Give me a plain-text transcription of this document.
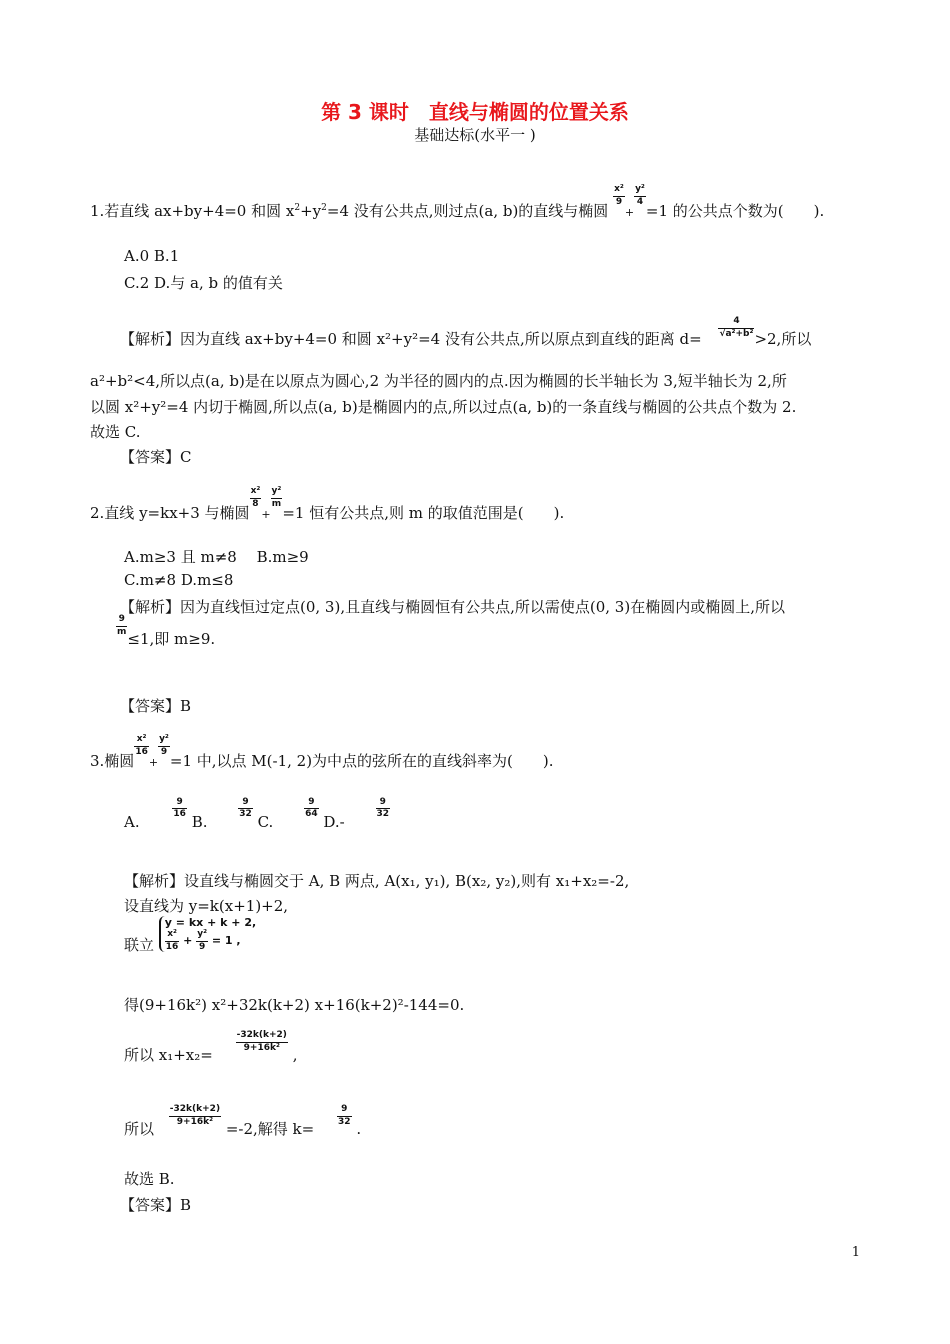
第 3 课时　直线与椭圆的位置关系
基础达标(水平一 )
1.若直线 ax+by+4=0 和圆 $x^2+y^2=4$ 没有公共点,则过点(a, b)的直线与椭圆
$\frac{\text{x²}}{9}$
+
$\frac{\text{y²}}{4}$
=1 的公共点个数为(　　).
A.0 B.1
C.2 D.与 a, b 的值有关
【解析】因为直线 ax+by+4=0 和圆 x²+y²=4 没有公共点,所以原点到直线的距离 d=
$\frac{4}{\text{√a²+b²}}$
>2,所以
a²+b²<4,所以点(a, b)是在以原点为圆心,2 为半径的圆内的点.因为椭圆的长半轴长为 3,短半轴长为 2,所
以圆 x²+y²=4 内切于椭圆,所以点(a, b)是椭圆内的点,所以过点(a, b)的一条直线与椭圆的公共点个数为 2.
故选 C.
【答案】C
2.直线 y=kx+3 与椭圆
$\frac{\text{x²}}{8}$
+
$\frac{\text{y²}}{m}$
=1 恒有公共点,则 m 的取值范围是(　　).
A.m≥3 且 m≠8　 B.m≥9
C.m≠8 D.m≤8
【解析】因为直线恒过定点(0, 3),且直线与椭圆恒有公共点,所以需使点(0, 3)在椭圆内或椭圆上,所以
$\frac{9}{m}$
≤1,即 m≥9.
【答案】B
3.椭圆
$\frac{\text{x²}}{16}$
+
$\frac{\text{y²}}{9}$
=1 中,以点 M(-1, 2)为中点的弦所在的直线斜率为(　　).
A.
$\frac{9}{16}$
B.
$\frac{9}{32}$
C.
$\frac{9}{64}$
D.-
$\frac{9}{32}$
【解析】设直线与椭圆交于 A, B 两点, A(x₁, y₁), B(x₂, y₂),则有 x₁+x₂=-2,
设直线为 y=k(x+1)+2,
联立
y = kx + k + 2,
$\frac{\text{x²}}{16} + \frac{\text{y²}}{9} = 1$ ,
得(9+16k²) x²+32k(k+2) x+16(k+2)²-144=0.
所以 x₁+x₂=
$\frac{-32k(k+2)}{\text{9+16k²}}$
,
所以
$\frac{-32k(k+2)}{\text{9+16k²}}$
=-2,解得 k=
$\frac{9}{32}$
.
故选 B.
【答案】B
1
